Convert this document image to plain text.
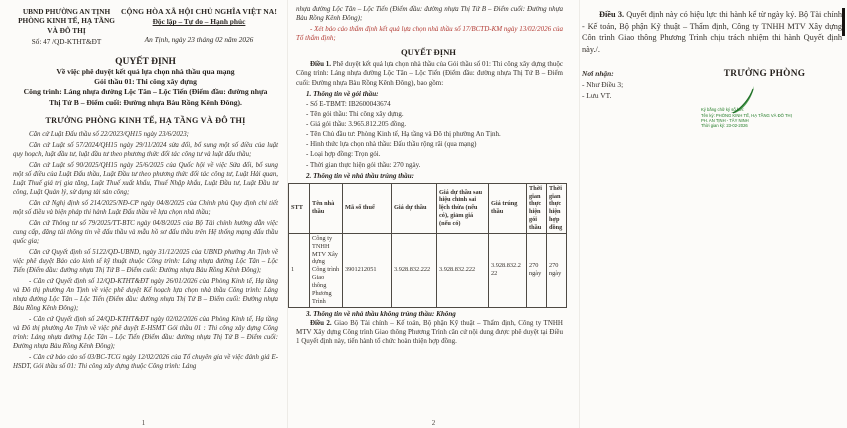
UBND PHƯỜNG AN TỊNH
PHÒNG KINH TẾ, HẠ TẦNG
VÀ ĐÔ THỊ
Số: 47 /QD-KTHT&ĐT
CỘNG HÒA XÃ HỘI CHỦ NGHĨA VIỆT NA!
Độc lập – Tự do – Hạnh phúc
An Tịnh, ngày 23 tháng 02 năm 2026
QUYẾT ĐỊNH
Về việc phê duyệt kết quả lựa chọn nhà thầu qua mạng
Gói thầu 01: Thi công xây dựng
Công trình: Láng nhựa đường Lộc Tân – Lộc Tiến (Điểm đầu: đường nhựa
Thị Tứ B – Điểm cuối: Đường nhựa Bàu Rồng Kênh Đông).
TRƯỞNG PHÒNG KINH TẾ, HẠ TẦNG VÀ ĐÔ THỊ

Căn cứ Luật Đấu thầu số 22/2023/QH15 ngày 23/6/2023;

Căn cứ Luật số 57/2024/QH15 ngày 29/11/2024 sửa đổi, bổ sung một số điều của luật quy hoạch, luật đầu tư, luật đầu tư theo phương thức đối tác công tư và luật đấu thầu;

Căn cứ Luật số 90/2025/QH15 ngày 25/6/2025 của Quốc hội về việc Sửa đổi, bổ sung một số điều của Luật Đấu thầu, Luật Đầu tư theo phương thức đối tác công tư, Luật Hải quan, Luật Thuế giá trị gia tăng, Luật Thuế xuất khẩu, Thuế Nhập khẩu, Luật Đầu tư, Luật Đầu tư công, Luật Quản lý, sử dụng tài sản công;

Căn cứ Nghị định số 214/2025/NĐ-CP ngày 04/8/2025 của Chính phủ Quy định chi tiết một số điều và biện pháp thi hành Luật Đấu thầu về lựa chọn nhà thầu;

Căn cứ Thông tư số 79/2025/TT-BTC ngày 04/8/2025 của Bộ Tài chính hướng dẫn việc cung cấp, đăng tải thông tin về đấu thầu và mẫu hồ sơ đấu thầu trên Hệ thống mạng đấu thầu quốc gia;

Căn cứ Quyết định số 5122/QD-UBND, ngày 31/12/2025 của UBND phường An Tịnh về việc phê duyệt Báo cáo kinh tế kỹ thuật thuộc Công trình: Láng nhựa đường Lộc Tân – Lộc Tiến (Điểm đầu: đường nhựa Thị Tứ B – Điểm cuối: Đường nhựa Bàu Rồng Kênh Đông);

- Căn cứ Quyết định số 12/QD-KTHT&ĐT ngày 26/01/2026 của Phòng Kinh tế, Hạ tầng và Đô thị phường An Tịnh về việc phê duyệt Kế hoạch lựa chọn nhà thầu Công trình: Láng nhựa đường Lộc Tân – Lộc Tiến (Điểm đầu: đường nhựa Thị Tứ B – Điểm cuối: Đường nhựa Bàu Rồng Kênh Đông);

- Căn cứ Quyết định số 24/QD-KTHT&ĐT ngày 02/02/2026 của Phòng Kinh tế, Hạ tầng và Đô thị phường An Tịnh về việc phê duyệt E-HSMT Gói thầu 01 : Thi công xây dựng Công trình: Láng nhựa đường Lộc Tân – Lộc Tiến (Điểm đầu: đường nhựa Thị Tứ B – Điểm cuối: Đường nhựa Bàu Rồng Kênh Đông);

- Căn cứ báo cáo số 03/BC-TCG ngày 12/02/2026 của Tổ chuyên gia về việc đánh giá E-HSDT, Gói thầu số 01: Thi công xây dựng thuộc Công trình: Láng

1

nhựa đường Lộc Tân – Lộc Tiến (Điểm đầu: đường nhựa Thị Tứ B – Điểm cuối: Đường nhựa Bàu Rồng Kênh Đông);

- Xét báo cáo thẩm định kết quả lựa chọn nhà thầu số 17/BCTD-KM ngày 13/02/2026 của Tổ thẩm định;

QUYẾT ĐỊNH

Điều 1. Phê duyệt kết quả lựa chọn nhà thầu của Gói thầu số 01: Thi công xây dựng thuộc Công trình: Láng nhựa đường Lộc Tân – Lộc Tiến (Điểm đầu: đường nhựa Thị Tứ B – Điểm cuối: Đường nhựa Bàu Rồng Kênh Đông), bao gồm:

1. Thông tin về gói thầu:
- Số E-TBMT: IB2600043674
- Tên gói thầu: Thi công xây dựng.
- Giá gói thầu: 3.965.812.205 đồng.
- Tên Chủ đầu tư: Phòng Kinh tế, Hạ tầng và Đô thị phường An Tịnh.
- Hình thức lựa chọn nhà thầu: Đấu thầu rộng rãi (qua mạng)
- Loại hợp đồng: Trọn gói.
- Thời gian thực hiện gói thầu: 270 ngày.
2. Thông tin về nhà thầu trúng thầu:
STT	Tên nhà thầu	Mã số thuế	Giá dự thầu	Giá dự thầu sau hiệu chỉnh sai lệch thừa (nếu có), giảm giá (nếu có)	Giá trúng thầu	Thời gian thực hiện gói thầu	Thời gian thực hiện hợp đồng
1	Công ty TNHH MTV Xây dựng Công trình Giao thông Phương Trình	3901212051	3.928.832.222	3.928.832.222	3.928.832.222	270 ngày	270 ngày
3. Thông tin về nhà thầu không trúng thầu: Không

Điều 2. Giao Bộ Tài chính – Kế toán, Bộ phận Kỹ thuật – Thẩm định, Công ty TNHH MTV Xây dựng Công trình Giao thông Phương Trình căn cứ nội dung được phê duyệt tại Điều 1 Quyết định này, tiến hành tổ chức hoàn thiện hợp đồng.

2

Điều 3. Quyết định này có hiệu lực thi hành kể từ ngày ký. Bộ Tài chính - Kế toán, Bộ phận Kỹ thuật – Thẩm định, Công ty TNHH MTV Xây dựng Côn trình Giao thông Phương Trình chịu trách nhiệm thi hành Quyết định này./.

Nơi nhận:
- Như Điều 3;
- Lưu VT.
TRƯỞNG PHÒNG
Ký bằng chữ ký số bởi:
Tên ký: PHÒNG KINH TẾ, HẠ TẦNG VÀ ĐÔ THỊ
PH. AN TỊNH - TÂY NINH
Thời gian ký: 23-02-2026
